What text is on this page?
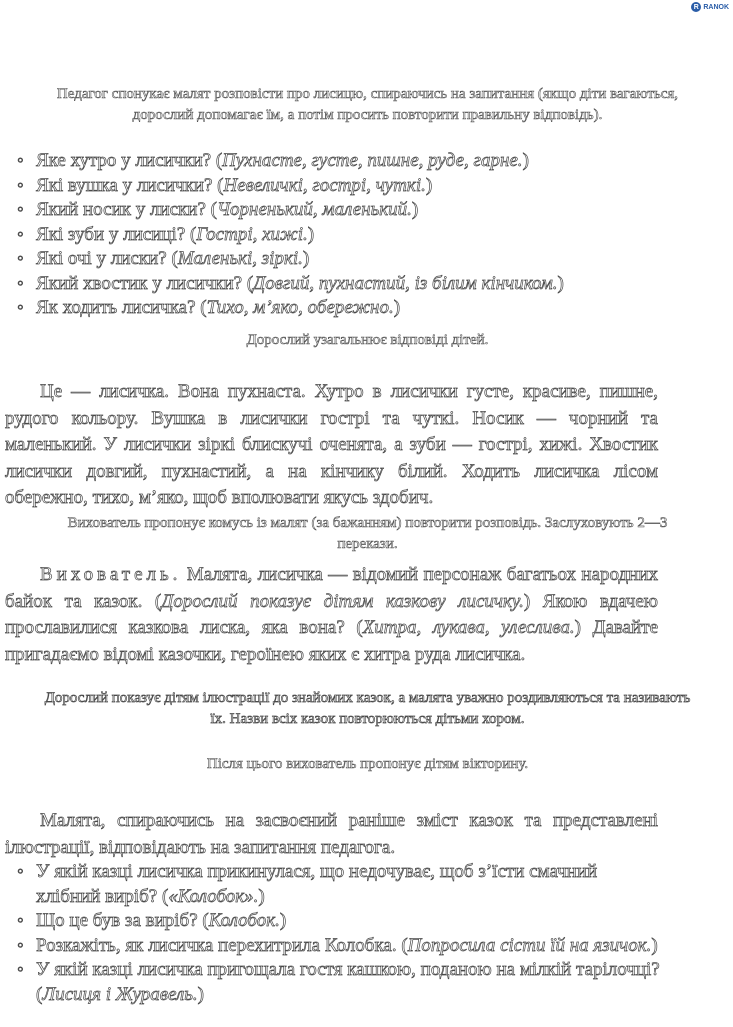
R RANOK

Педагог спонукає малят розповісти про лисицю, спираючись на запитання (якщо діти вагаються, дорослий допомагає їм, а потім просить повторити правильну відповідь).

◦ Яке хутро у лисички? (Пухнасте, густе, пишне, руде, гарне.)
◦ Які вушка у лисички? (Невеличкі, гострі, чуткі.)
◦ Який носик у лиски? (Чорненький, маленький.)
◦ Які зуби у лисиці? (Гострі, хижі.)
◦ Які очі у лиски? (Маленькі, зіркі.)
◦ Який хвостик у лисички? (Довгий, пухнастий, із білим кінчиком.)
◦ Як ходить лисичка? (Тихо, м’яко, обережно.)

Дорослий узагальнює відповіді дітей.

Це — лисичка. Вона пухнаста. Хутро в лисички густе, красиве, пишне, рудого кольору. Вушка в лисички гострі та чуткі. Носик — чорний та маленький. У лисички зіркі блискучі оченята, а зуби — гострі, хижі. Хвостик лисички довгий, пухнастий, а на кінчику білий. Ходить лисичка лісом обережно, тихо, м’яко, щоб вполювати якусь здобич.

Вихователь пропонує комусь із малят (за бажанням) повторити розповідь. Заслуховують 2—3 перекази.

Вихователь. Малята, лисичка — відомий персонаж багатьох народних байок та казок. (Дорослий показує дітям казкову лисичку.) Якою вдачею прославилися казкова лиска, яка вона? (Хитра, лукава, улеслива.) Давайте пригадаємо відомі казочки, героїнею яких є хитра руда лисичка.

Дорослий показує дітям ілюстрації до знайомих казок, а малята уважно роздивляються та називають їх. Назви всіх казок повторюються дітьми хором.

Після цього вихователь пропонує дітям вікторину.

Малята, спираючись на засвоєний раніше зміст казок та представлені ілюстрації, відповідають на запитання педагога.

◦ У якій казці лисичка прикинулася, що недочуває, щоб з’їсти смачний хлібний виріб? («Колобок».)
◦ Що це був за виріб? (Колобок.)
◦ Розкажіть, як лисичка перехитрила Колобка. (Попросила сісти їй на язичок.)
◦ У якій казці лисичка пригощала гостя кашкою, поданою на мілкій тарілочці? (Лисиця і Журавель.)
